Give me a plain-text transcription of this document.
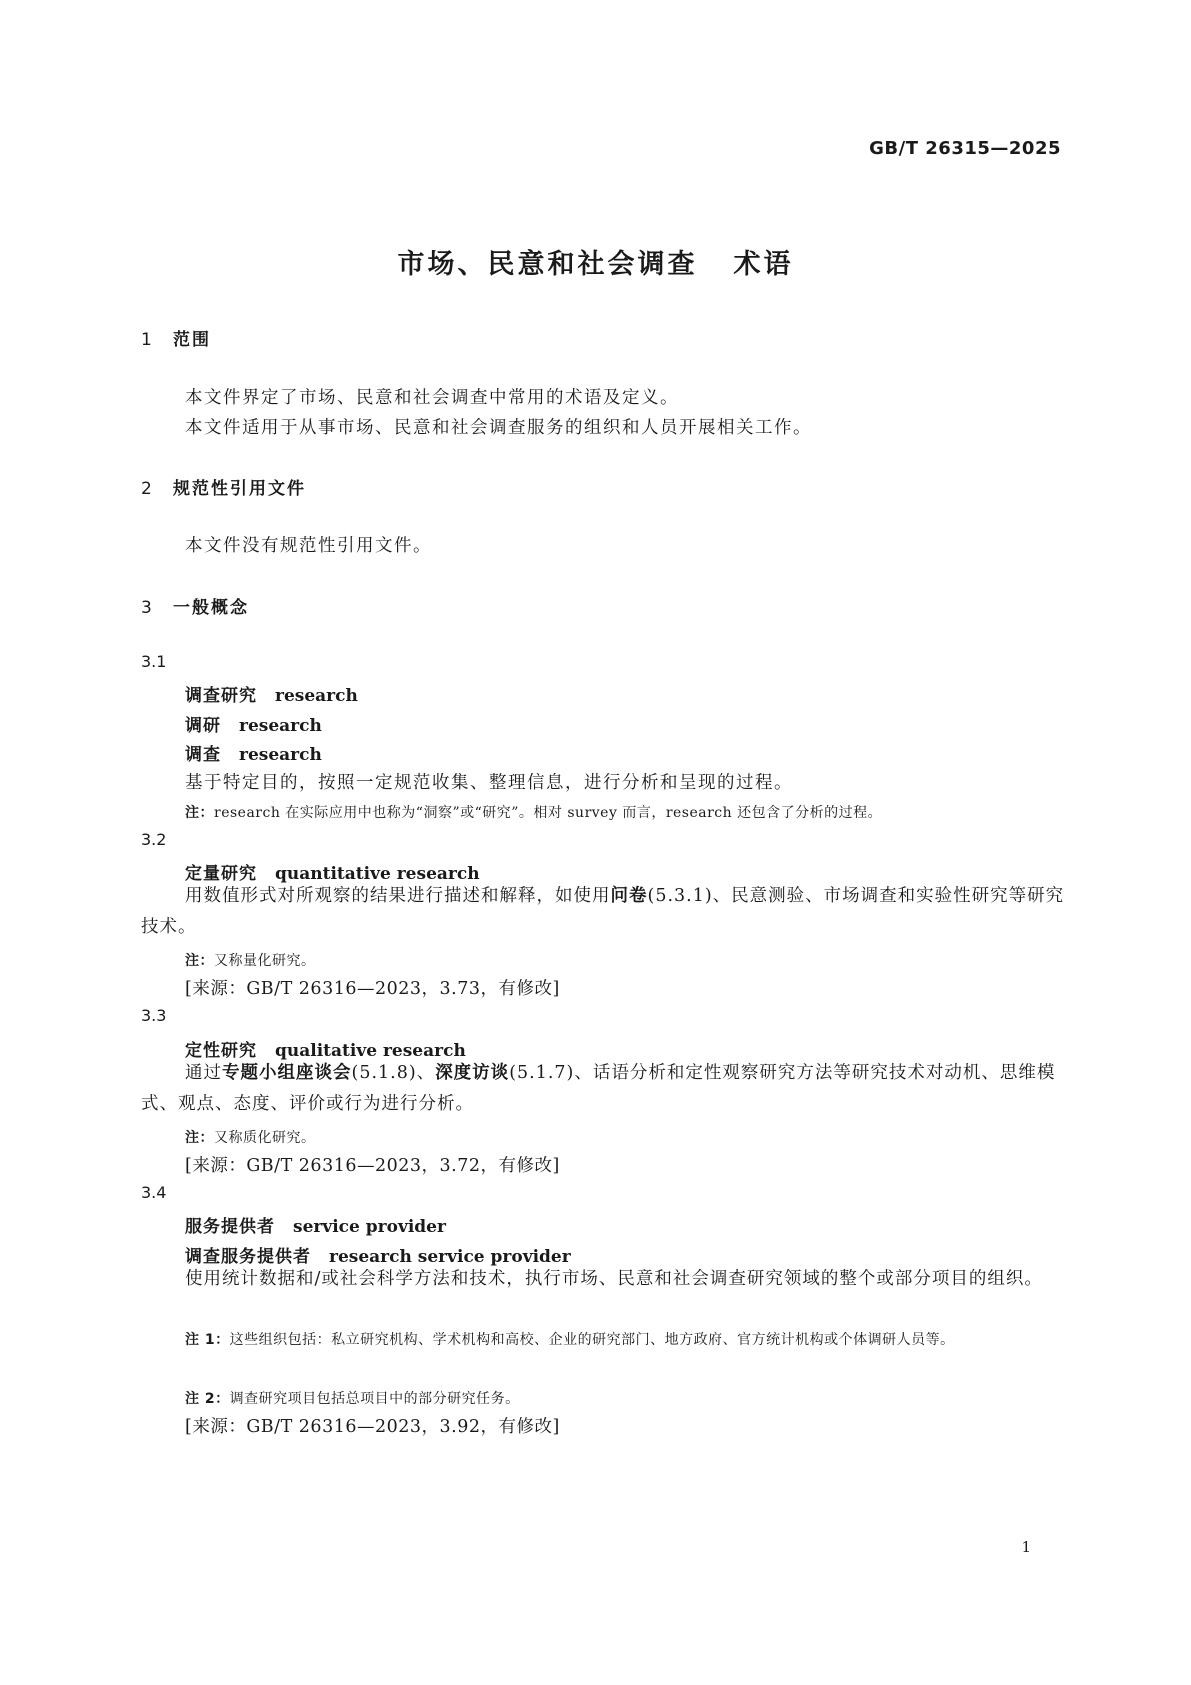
GB/T 26315—2025
市场、民意和社会调查 术语
1 范围
本文件界定了市场、民意和社会调查中常用的术语及定义。
本文件适用于从事市场、民意和社会调查服务的组织和人员开展相关工作。
2 规范性引用文件
本文件没有规范性引用文件。
3 一般概念
3.1
调查研究 research
调研 research
调查 research
基于特定目的，按照一定规范收集、整理信息，进行分析和呈现的过程。
注：research 在实际应用中也称为“洞察”或“研究”。相对 survey 而言，research 还包含了分析的过程。
3.2
定量研究 quantitative research
用数值形式对所观察的结果进行描述和解释，如使用问卷(5.3.1)、民意测验、市场调查和实验性研究等研究技术。
注：又称量化研究。
[来源：GB/T 26316—2023，3.73，有修改]
3.3
定性研究 qualitative research
通过专题小组座谈会(5.1.8)、深度访谈(5.1.7)、话语分析和定性观察研究方法等研究技术对动机、思维模式、观点、态度、评价或行为进行分析。
注：又称质化研究。
[来源：GB/T 26316—2023，3.72，有修改]
3.4
服务提供者 service provider
调查服务提供者 research service provider
使用统计数据和/或社会科学方法和技术，执行市场、民意和社会调查研究领域的整个或部分项目的组织。
注 1：这些组织包括：私立研究机构、学术机构和高校、企业的研究部门、地方政府、官方统计机构或个体调研人员等。
注 2：调查研究项目包括总项目中的部分研究任务。
[来源：GB/T 26316—2023，3.92，有修改]
1
